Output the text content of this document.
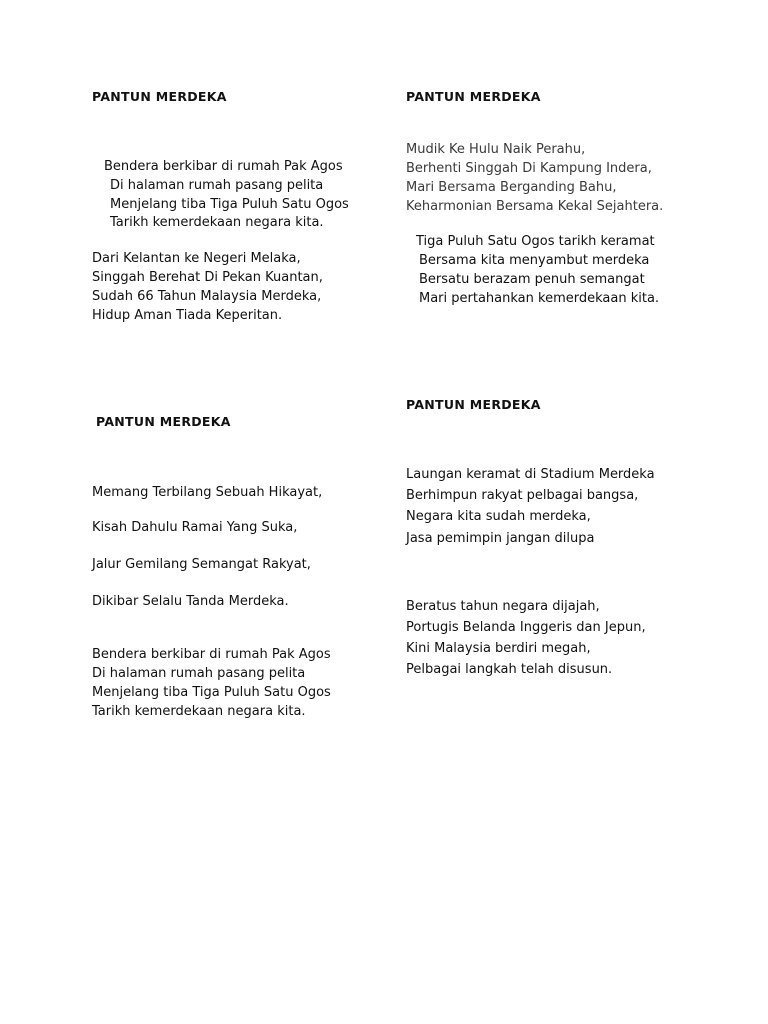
PANTUN MERDEKA
Bendera berkibar di rumah Pak Agos
Di halaman rumah pasang pelita
Menjelang tiba Tiga Puluh Satu Ogos
Tarikh kemerdekaan negara kita.
Dari Kelantan ke Negeri Melaka,
Singgah Berehat Di Pekan Kuantan,
Sudah 66 Tahun Malaysia Merdeka,
Hidup Aman Tiada Keperitan.
PANTUN MERDEKA
Mudik Ke Hulu Naik Perahu,
Berhenti Singgah Di Kampung Indera,
Mari Bersama Berganding Bahu,
Keharmonian Bersama Kekal Sejahtera.
Tiga Puluh Satu Ogos tarikh keramat
Bersama kita menyambut merdeka
Bersatu berazam penuh semangat
Mari pertahankan kemerdekaan kita.
PANTUN MERDEKA
Memang Terbilang Sebuah Hikayat,
Kisah Dahulu Ramai Yang Suka,
Jalur Gemilang Semangat Rakyat,
Dikibar Selalu Tanda Merdeka.
Bendera berkibar di rumah Pak Agos
Di halaman rumah pasang pelita
Menjelang tiba Tiga Puluh Satu Ogos
Tarikh kemerdekaan negara kita.
PANTUN MERDEKA
Laungan keramat di Stadium Merdeka
Berhimpun rakyat pelbagai bangsa,
Negara kita sudah merdeka,
Jasa pemimpin jangan dilupa
Beratus tahun negara dijajah,
Portugis Belanda Inggeris dan Jepun,
Kini Malaysia berdiri megah,
Pelbagai langkah telah disusun.
